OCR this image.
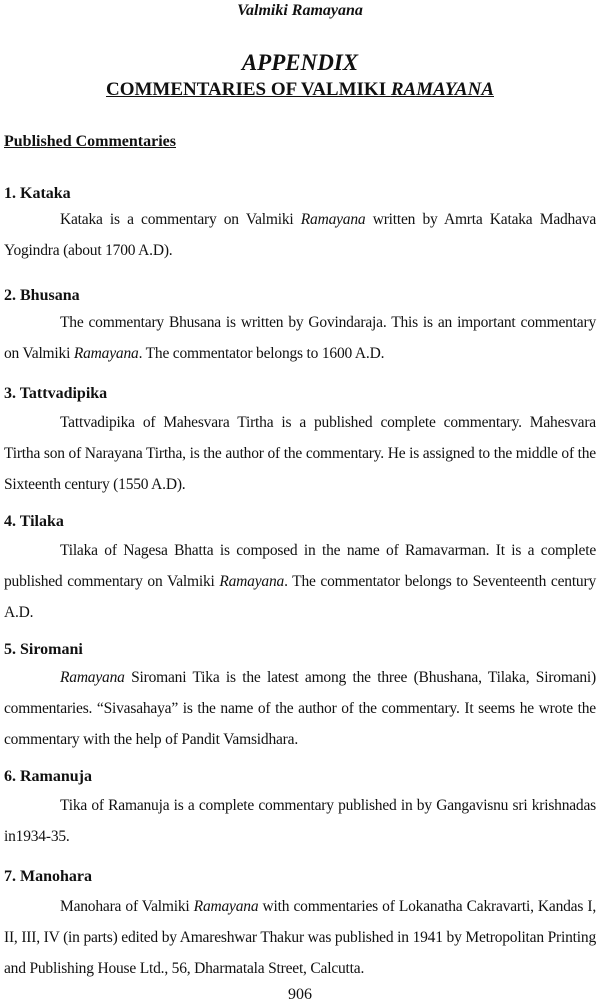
Valmiki Ramayana
APPENDIX
COMMENTARIES OF VALMIKI RAMAYANA
Published Commentaries
1. Kataka
Kataka is a commentary on Valmiki Ramayana written by Amrta Kataka Madhava Yogindra (about 1700 A.D).
2. Bhusana
The commentary Bhusana is written by Govindaraja. This is an important commentary on Valmiki Ramayana. The commentator belongs to 1600 A.D.
3. Tattvadipika
Tattvadipika of Mahesvara Tirtha is a published complete commentary. Mahesvara Tirtha son of Narayana Tirtha, is the author of the commentary. He is assigned to the middle of the Sixteenth century (1550 A.D).
4. Tilaka
Tilaka of Nagesa Bhatta is composed in the name of Ramavarman. It is a complete published commentary on Valmiki Ramayana. The commentator belongs to Seventeenth century A.D.
5. Siromani
Ramayana Siromani Tika is the latest among the three (Bhushana, Tilaka, Siromani) commentaries. “Sivasahaya” is the name of the author of the commentary. It seems he wrote the commentary with the help of Pandit Vamsidhara.
6. Ramanuja
Tika of Ramanuja is a complete commentary published in by Gangavisnu sri krishnadas in1934-35.
7. Manohara
Manohara of Valmiki Ramayana with commentaries of Lokanatha Cakravarti, Kandas I, II, III, IV (in parts) edited by Amareshwar Thakur was published in 1941 by Metropolitan Printing and Publishing House Ltd., 56, Dharmatala Street, Calcutta.
906
